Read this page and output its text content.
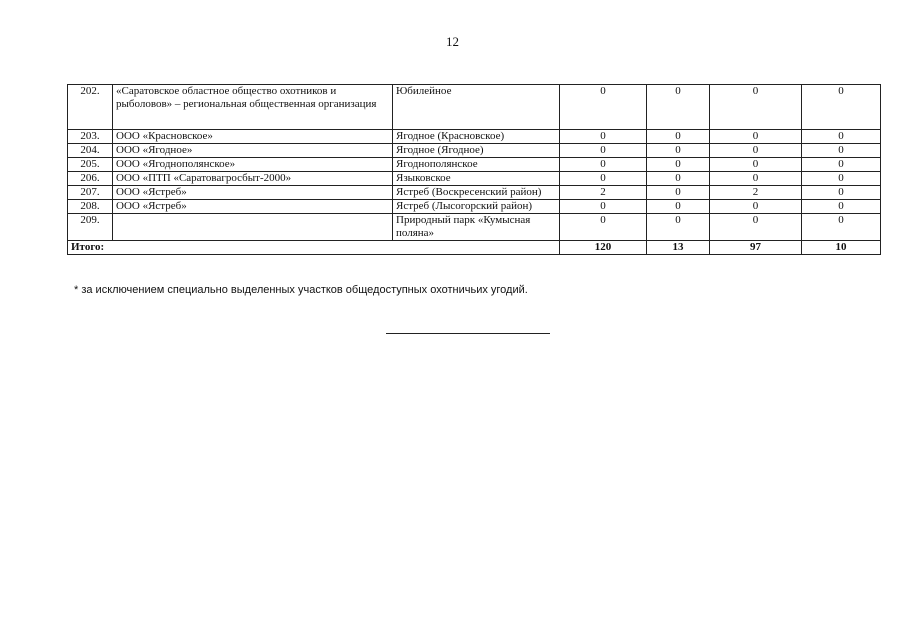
12
202.	«Саратовское областное общество охотников и рыболовов» – региональная общественная организация	Юбилейное	0	0	0	0
203.	ООО «Красновское»	Ягодное (Красновское)	0	0	0	0
204.	ООО «Ягодное»	Ягодное (Ягодное)	0	0	0	0
205.	ООО «Ягоднополянское»	Ягоднополянское	0	0	0	0
206.	ООО «ПТП «Саратовагросбыт-2000»	Языковское	0	0	0	0
207.	ООО «Ястреб»	Ястреб (Воскресенский район)	2	0	2	0
208.	ООО «Ястреб»	Ястреб (Лысогорский район)	0	0	0	0
209.		Природный парк «Кумысная поляна»	0	0	0	0
Итого:			120	13	97	10
* за исключением специально выделенных участков общедоступных охотничьих угодий.
